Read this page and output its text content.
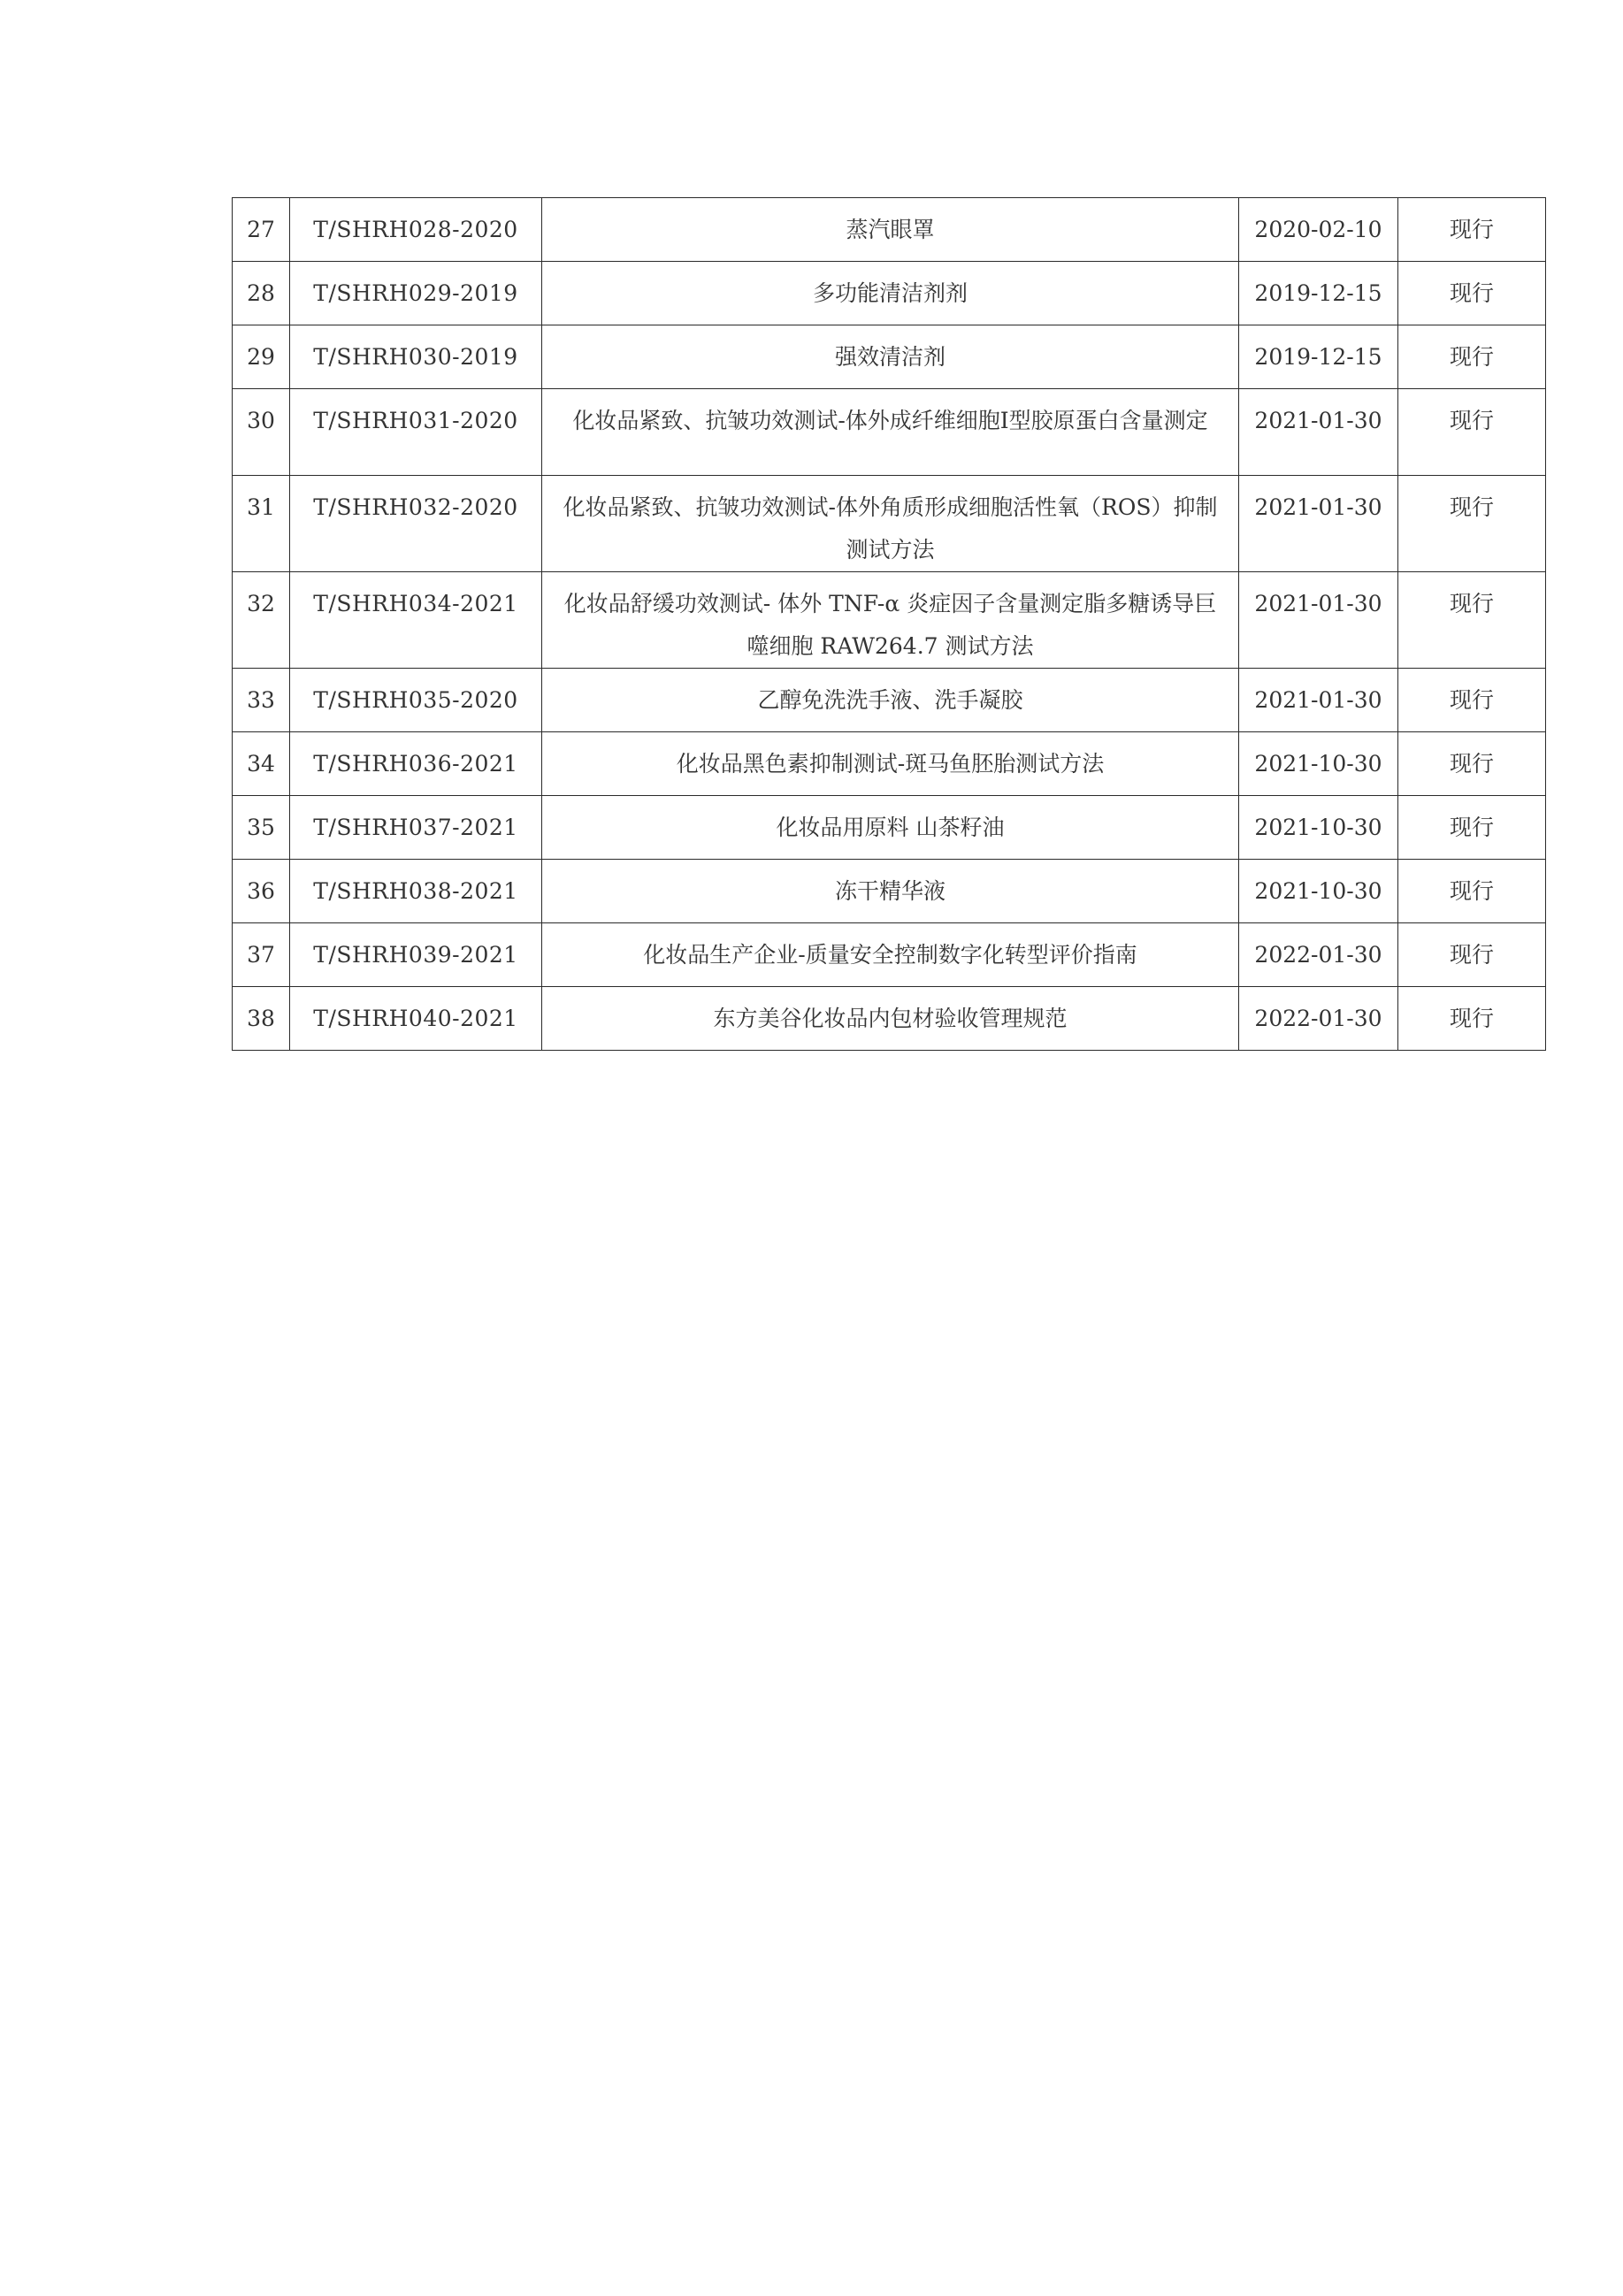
27	T/SHRH028-2020	蒸汽眼罩	2020-02-10	现行
28	T/SHRH029-2019	多功能清洁剂剂	2019-12-15	现行
29	T/SHRH030-2019	强效清洁剂	2019-12-15	现行
30	T/SHRH031-2020	化妆品紧致、抗皱功效测试-体外成纤维细胞Ⅰ型胶原蛋白含量测定	2021-01-30	现行
31	T/SHRH032-2020	化妆品紧致、抗皱功效测试-体外角质形成细胞活性氧（ROS）抑制测试方法	2021-01-30	现行
32	T/SHRH034-2021	化妆品舒缓功效测试- 体外 TNF-α 炎症因子含量测定脂多糖诱导巨噬细胞 RAW264.7 测试方法	2021-01-30	现行
33	T/SHRH035-2020	乙醇免洗洗手液、洗手凝胶	2021-01-30	现行
34	T/SHRH036-2021	化妆品黑色素抑制测试-斑马鱼胚胎测试方法	2021-10-30	现行
35	T/SHRH037-2021	化妆品用原料 山茶籽油	2021-10-30	现行
36	T/SHRH038-2021	冻干精华液	2021-10-30	现行
37	T/SHRH039-2021	化妆品生产企业-质量安全控制数字化转型评价指南	2022-01-30	现行
38	T/SHRH040-2021	东方美谷化妆品内包材验收管理规范	2022-01-30	现行
